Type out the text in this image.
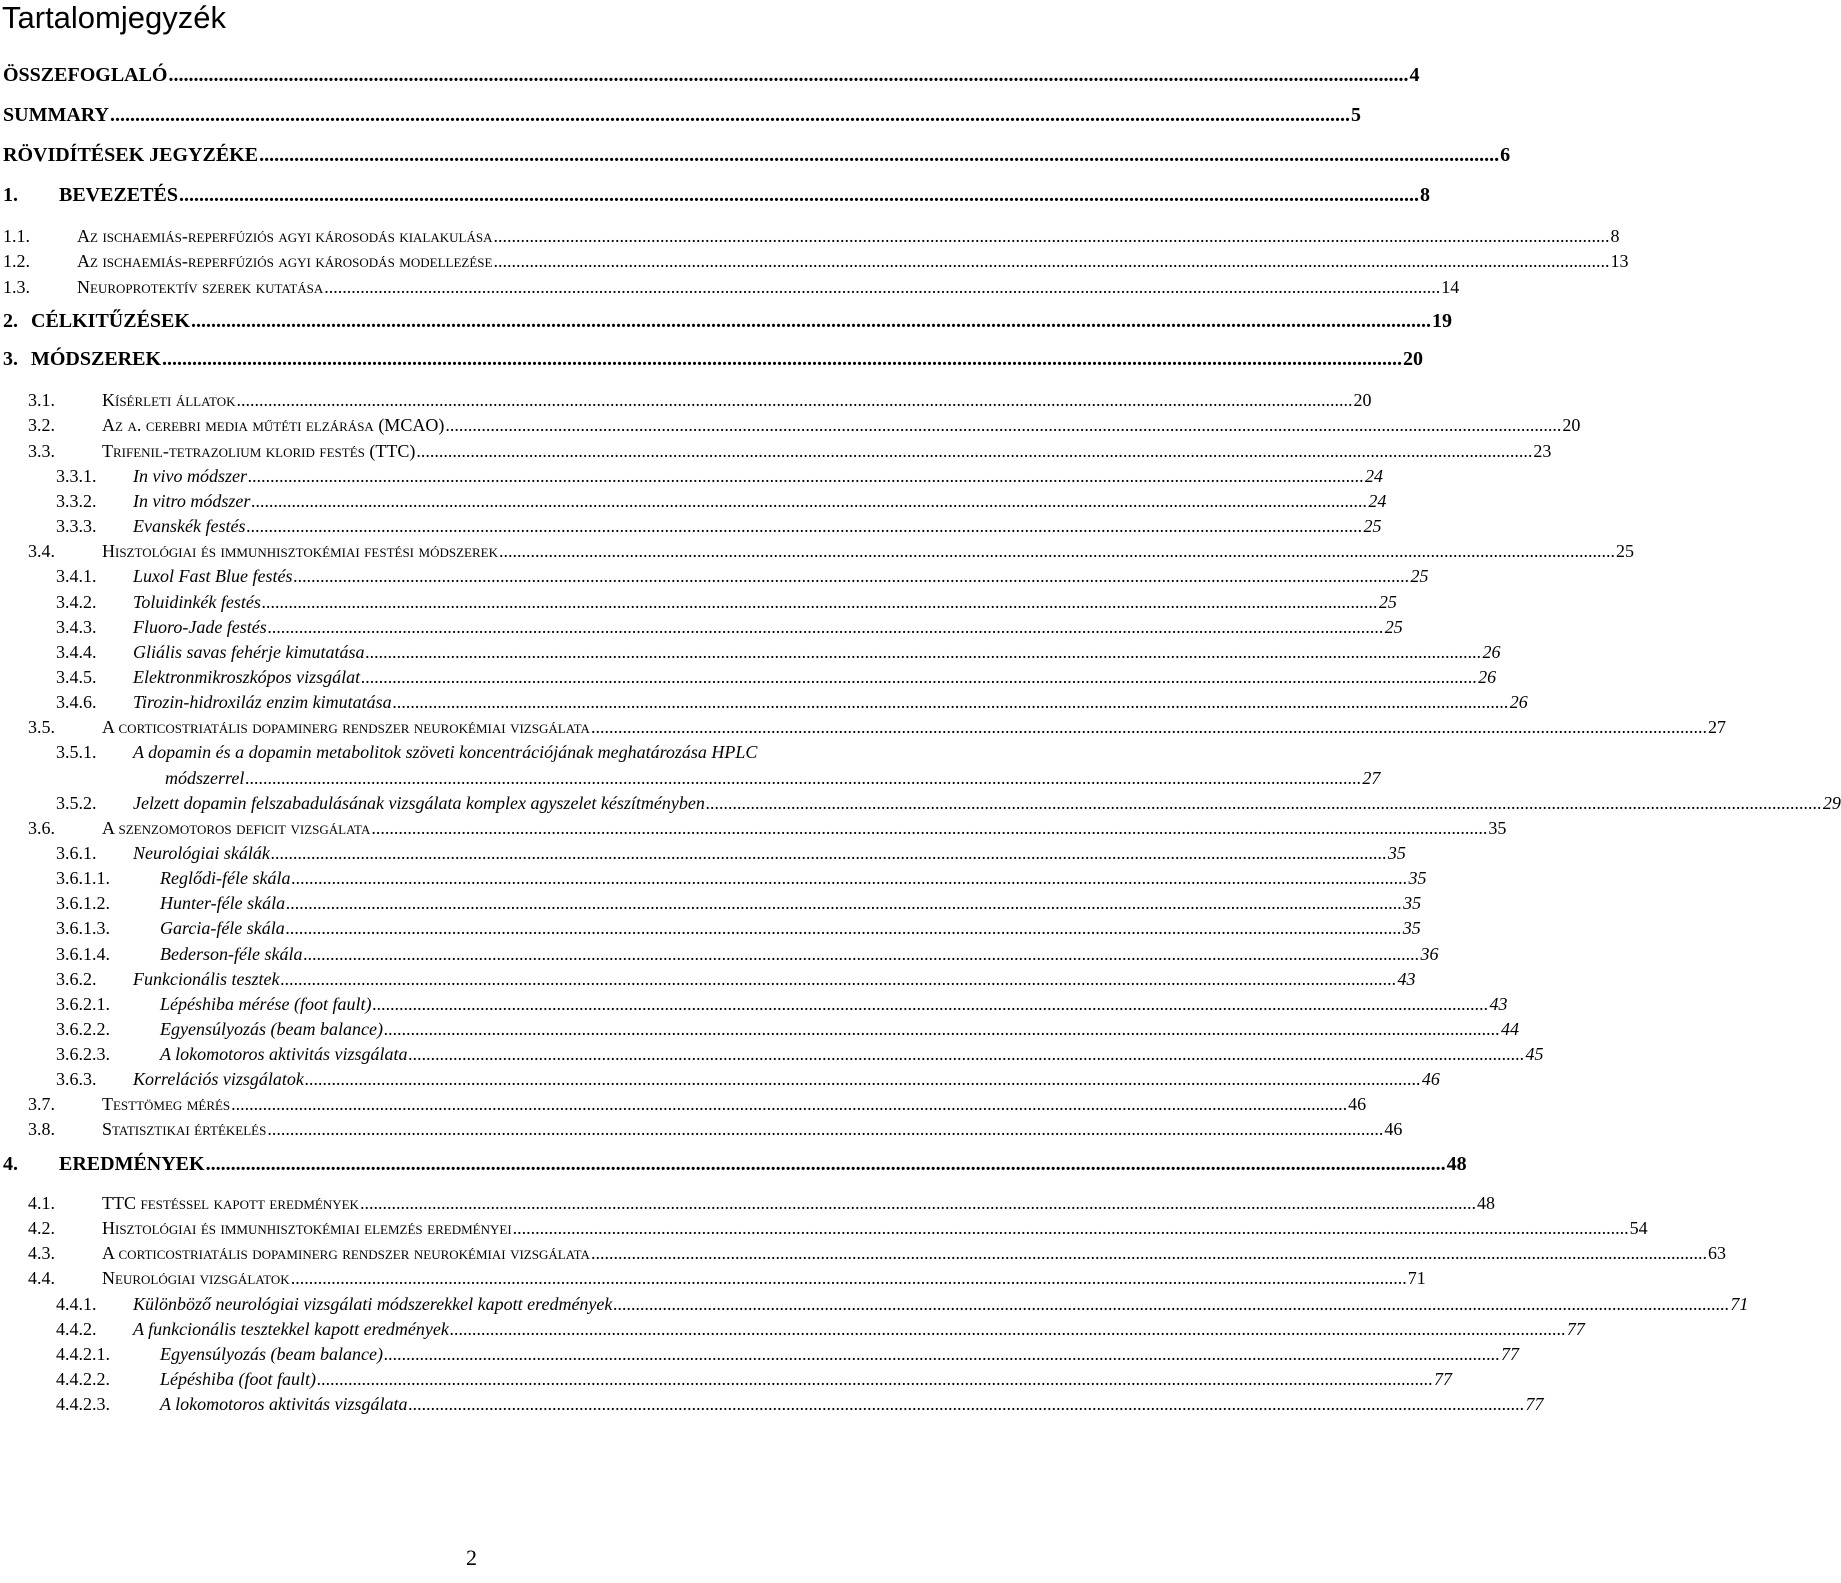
Tartalomjegyzék
ÖSSZEFOGLALÓ .....	4
SUMMARY .....	5
RÖVIDÍTÉSEK JEGYZÉKE .....	6
1.	BEVEZETÉS .....	8
1.1.	Az ischaemiás-reperfúziós agyi károsodás kialakulása .....	8
1.2.	Az ischaemiás-reperfúziós agyi károsodás modellezése .....	13
1.3.	Neuroprotektív szerek kutatása .....	14
2. CÉLKITŰZÉSEK .....	19
3. MÓDSZEREK .....	20
3.1.	Kísérleti állatok .....	20
3.2.	Az a. cerebri media műtéti elzárása (MCAO) .....	20
3.3.	Trifenil-tetrazolium klorid festés (TTC) .....	23
3.3.1.	In vivo módszer .....	24
3.3.2.	In vitro módszer .....	24
3.3.3.	Evanskék festés .....	25
3.4.	Hisztológiai és immunhisztokémiai festési módszerek .....	25
3.4.1.	Luxol Fast Blue festés .....	25
3.4.2.	Toluidinkék festés .....	25
3.4.3.	Fluoro-Jade festés .....	25
3.4.4.	Gliális savas fehérje kimutatása .....	26
3.4.5.	Elektronmikroszkópos vizsgálat .....	26
3.4.6.	Tirozin-hidroxiláz enzim kimutatása .....	26
3.5.	A corticostriatális dopaminerg rendszer neurokémiai vizsgálata .....	27
3.5.1.	A dopamin és a dopamin metabolitok szöveti koncentrációjának meghatározása HPLC
módszerrel .....	27
3.5.2.	Jelzett dopamin felszabadulásának vizsgálata komplex agyszelet készítményben .....	29
3.6.	A szenzomotoros deficit vizsgálata .....	35
3.6.1.	Neurológiai skálák .....	35
3.6.1.1.	Reglődi-féle skála .....	35
3.6.1.2.	Hunter-féle skála .....	35
3.6.1.3.	Garcia-féle skála .....	35
3.6.1.4.	Bederson-féle skála .....	36
3.6.2.	Funkcionális tesztek .....	43
3.6.2.1.	Lépéshiba mérése (foot fault) .....	43
3.6.2.2.	Egyensúlyozás (beam balance) .....	44
3.6.2.3.	A lokomotoros aktivitás vizsgálata .....	45
3.6.3.	Korrelációs vizsgálatok .....	46
3.7.	Testtömeg mérés .....	46
3.8.	Statisztikai értékelés .....	46
4.	EREDMÉNYEK .....	48
4.1.	TTC festéssel kapott eredmények .....	48
4.2.	Hisztológiai és immunhisztokémiai elemzés eredményei .....	54
4.3.	A corticostriatális dopaminerg rendszer neurokémiai vizsgálata .....	63
4.4.	Neurológiai vizsgálatok .....	71
4.4.1.	Különböző neurológiai vizsgálati módszerekkel kapott eredmények .....	71
4.4.2.	A funkcionális tesztekkel kapott eredmények .....	77
4.4.2.1.	Egyensúlyozás (beam balance) .....	77
4.4.2.2.	Lépéshiba (foot fault) .....	77
4.4.2.3.	A lokomotoros aktivitás vizsgálata .....	77
2
